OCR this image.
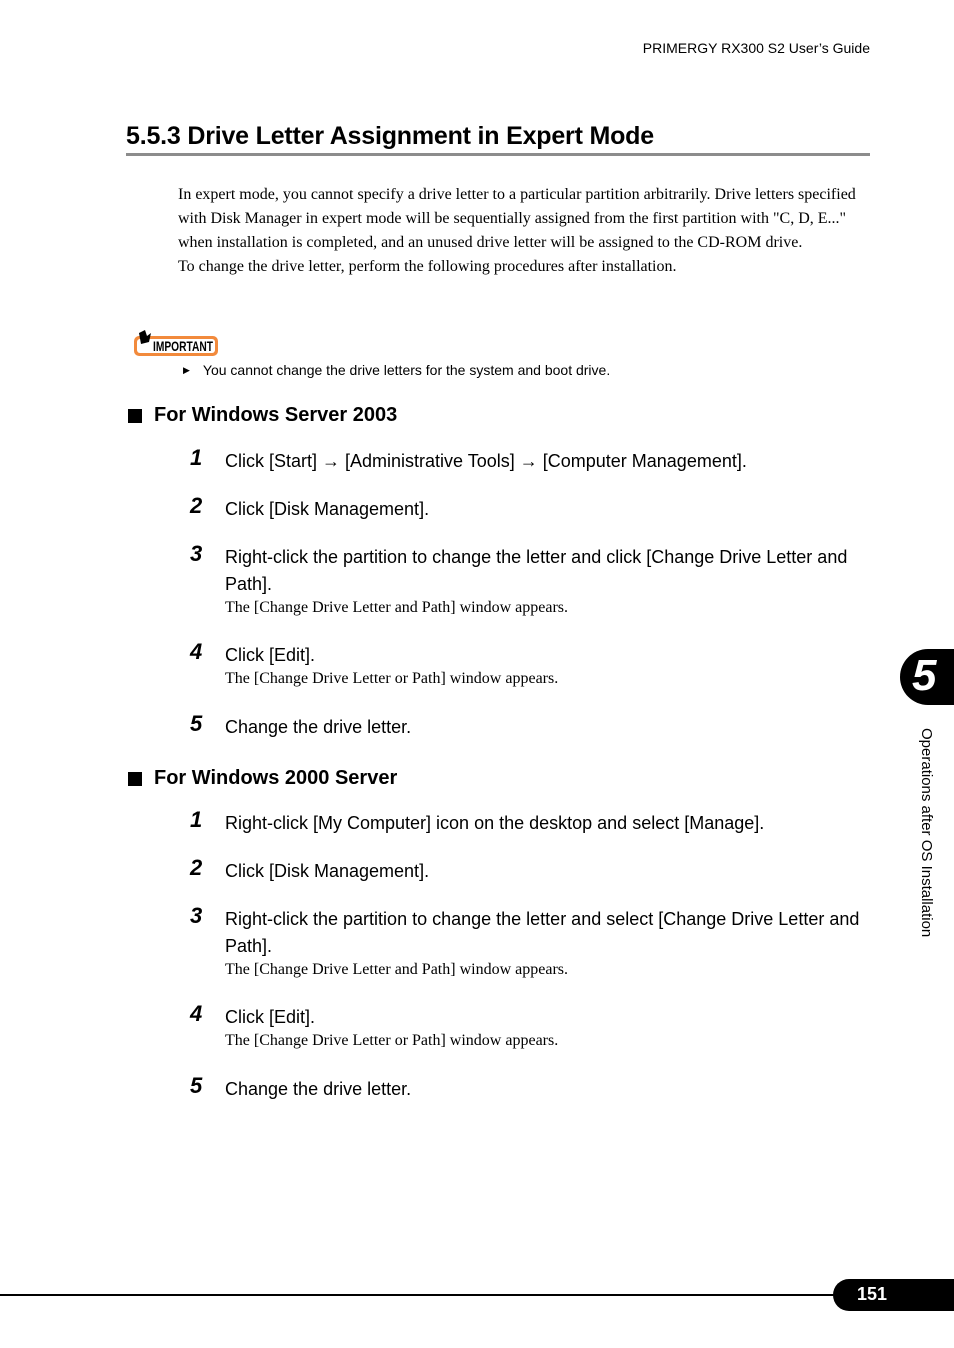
PRIMERGY RX300 S2 User’s Guide
5.5.3 Drive Letter Assignment in Expert Mode

In expert mode, you cannot specify a drive letter to a particular partition arbitrarily. Drive letters specified with Disk Manager in expert mode will be sequentially assigned from the first partition with "C, D, E..." when installation is completed, and an unused drive letter will be assigned to the CD-ROM drive.

To change the drive letter, perform the following procedures after installation.

IMPORTANT
▶ You cannot change the drive letters for the system and boot drive.
For Windows Server 2003
1 Click [Start] → [Administrative Tools] → [Computer Management].
2 Click [Disk Management].
3 Right-click the partition to change the letter and click [Change Drive Letter and Path].
The [Change Drive Letter and Path] window appears.
4 Click [Edit].
The [Change Drive Letter or Path] window appears.
5 Change the drive letter.
For Windows 2000 Server
1 Right-click [My Computer] icon on the desktop and select [Manage].
2 Click [Disk Management].
3 Right-click the partition to change the letter and select [Change Drive Letter and Path].
The [Change Drive Letter and Path] window appears.
4 Click [Edit].
The [Change Drive Letter or Path] window appears.
5 Change the drive letter.
5
Operations after OS Installation
151
